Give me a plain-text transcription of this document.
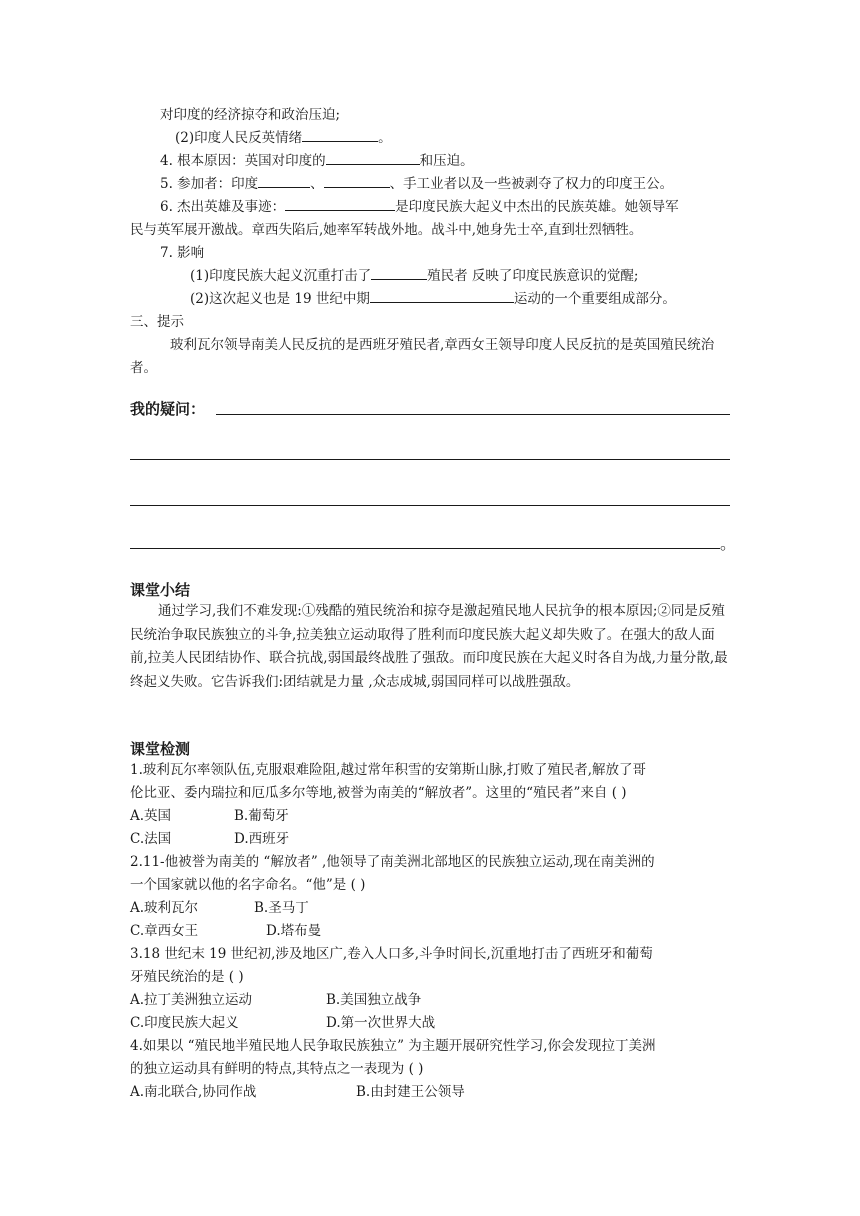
对印度的经济掠夺和政治压迫;
(2)印度人民反英情绪	。
4. 根本原因：英国对印度的	和压迫。
5. 参加者：印度	、	、手工业者以及一些被剥夺了权力的印度王公。
6. 杰出英雄及事迹：	是印度民族大起义中杰出的民族英雄。她领导军
民与英军展开激战。章西失陷后,她率军转战外地。战斗中,她身先士卒,直到壮烈牺牲。
7. 影响
(1)印度民族大起义沉重打击了	殖民者 反映了印度民族意识的觉醒;
(2)这次起义也是 19 世纪中期	运动的一个重要组成部分。
三、提示
玻利瓦尔领导南美人民反抗的是西班牙殖民者,章西女王领导印度人民反抗的是英国殖民统治者。
我的疑问：
。
课堂小结
通过学习,我们不难发现:①残酷的殖民统治和掠夺是激起殖民地人民抗争的根本原因;②同是反殖民统治争取民族独立的斗争,拉美独立运动取得了胜利而印度民族大起义却失败了。在强大的敌人面前,拉美人民团结协作、联合抗战,弱国最终战胜了强敌。而印度民族在大起义时各自为战,力量分散,最终起义失败。它告诉我们:团结就是力量 ,众志成城,弱国同样可以战胜强敌。
课堂检测
1.玻利瓦尔率领队伍,克服艰难险阻,越过常年积雪的安第斯山脉,打败了殖民者,解放了哥
伦比亚、委内瑞拉和厄瓜多尔等地,被誉为南美的“解放者”。这里的“殖民者”来自 ( )
A.英国	B.葡萄牙
C.法国	D.西班牙
2.11-他被誉为南美的 “解放者” ,他领导了南美洲北部地区的民族独立运动,现在南美洲的
一个国家就以他的名字命名。“他”是 ( )
A.玻利瓦尔	B.圣马丁
C.章西女王	D.塔布曼
3.18 世纪末 19 世纪初,涉及地区广,卷入人口多,斗争时间长,沉重地打击了西班牙和葡萄
牙殖民统治的是 ( )
A.拉丁美洲独立运动	B.美国独立战争
C.印度民族大起义	D.第一次世界大战
4.如果以 “殖民地半殖民地人民争取民族独立” 为主题开展研究性学习,你会发现拉丁美洲
的独立运动具有鲜明的特点,其特点之一表现为 ( )
A.南北联合,协同作战	B.由封建王公领导
